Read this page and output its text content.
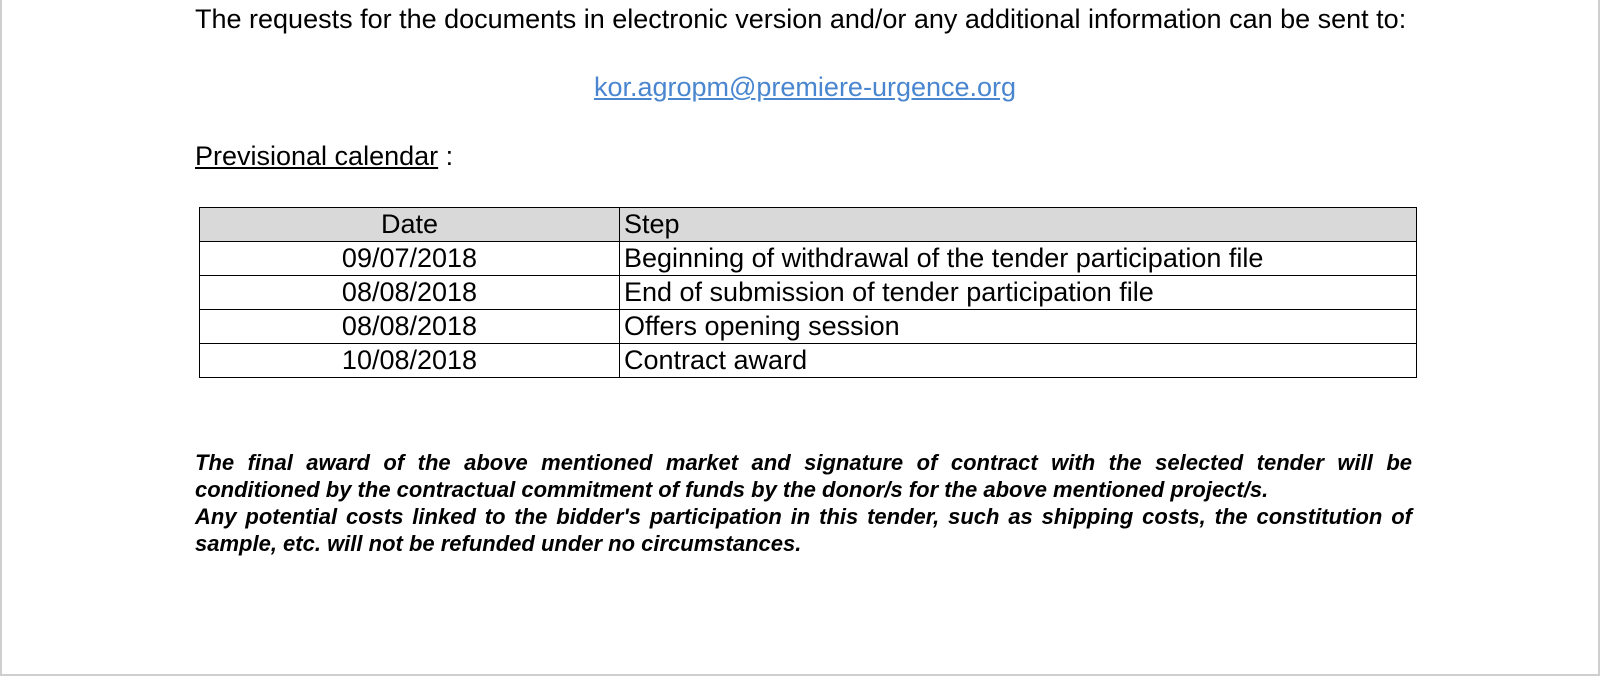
The requests for the documents in electronic version and/or any additional information can be sent to:

kor.agropm@premiere-urgence.org
Previsional calendar :
Date	Step
09/07/2018	Beginning of withdrawal of the tender participation file
08/08/2018	End of submission of tender participation file
08/08/2018	Offers opening session
10/08/2018	Contract award

The final award of the above mentioned market and signature of contract with the selected tender will be conditioned by the contractual commitment of funds by the donor/s for the above mentioned project/s.

Any potential costs linked to the bidder's participation in this tender, such as shipping costs, the constitution of sample, etc. will not be refunded under no circumstances.
